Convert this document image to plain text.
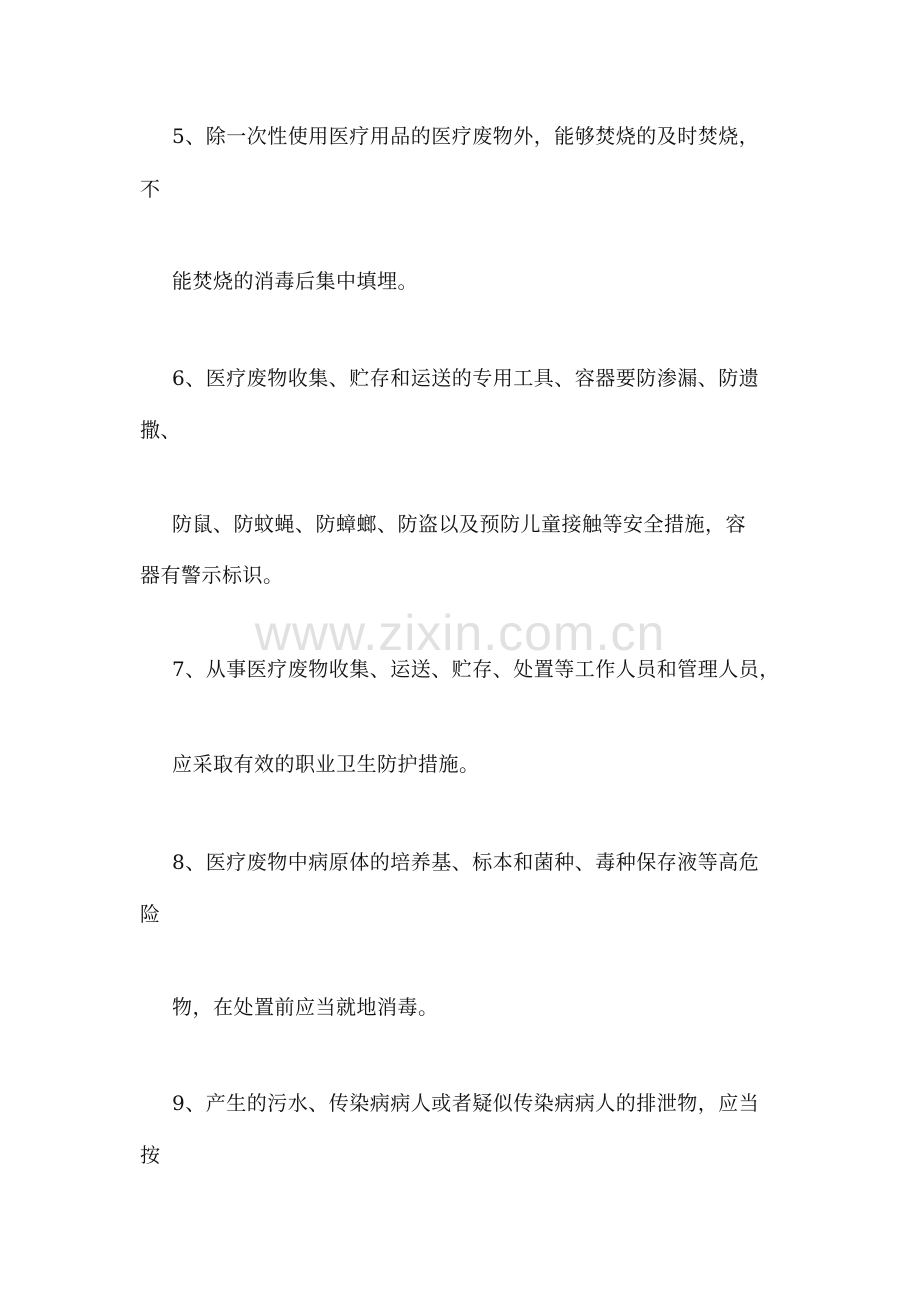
www.zixin.com.cn
5、除一次性使用医疗用品的医疗废物外，能够焚烧的及时焚烧，
不
能焚烧的消毒后集中填埋。
6、医疗废物收集、贮存和运送的专用工具、容器要防渗漏、防遗
撒、
防鼠、防蚊蝇、防蟑螂、防盗以及预防儿童接触等安全措施，容
器有警示标识。
7、从事医疗废物收集、运送、贮存、处置等工作人员和管理人员，
应采取有效的职业卫生防护措施。
8、医疗废物中病原体的培养基、标本和菌种、毒种保存液等高危
险
物，在处置前应当就地消毒。
9、产生的污水、传染病病人或者疑似传染病病人的排泄物，应当
按
